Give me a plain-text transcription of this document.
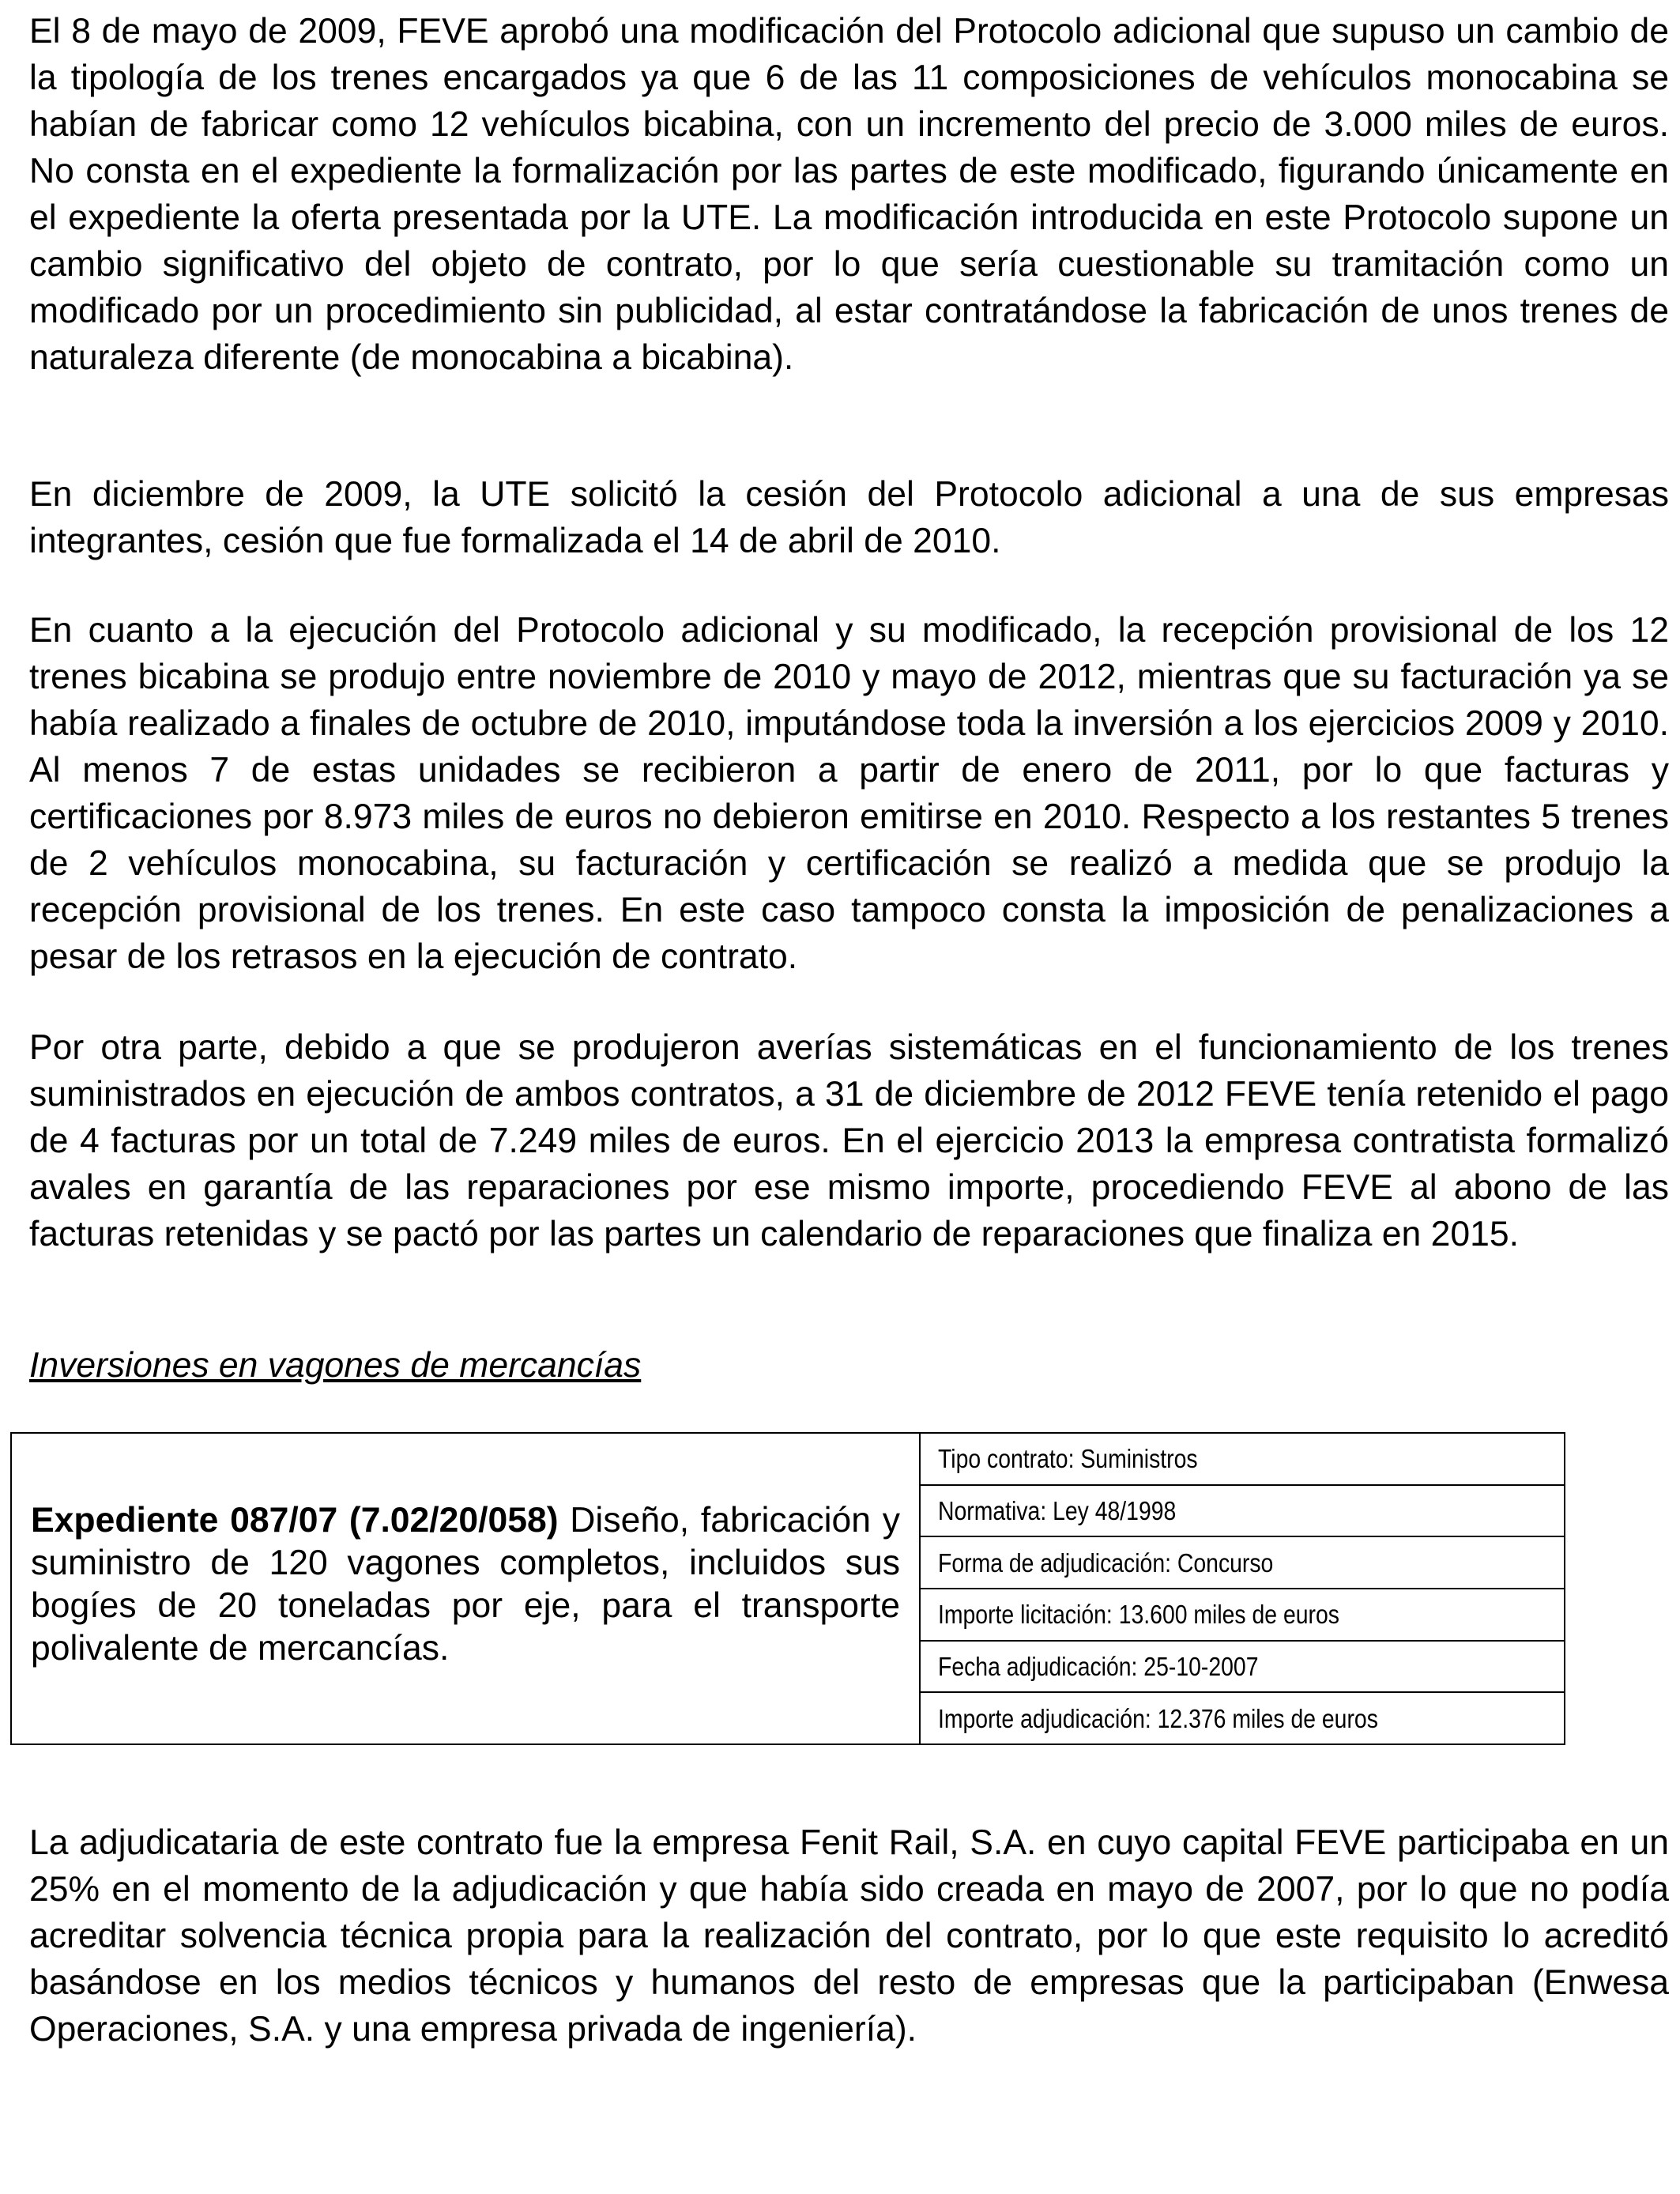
El 8 de mayo de 2009, FEVE aprobó una modificación del Protocolo adicional que supuso un cambio de la tipología de los trenes encargados ya que 6 de las 11 composiciones de vehículos monocabina se habían de fabricar como 12 vehículos bicabina, con un incremento del precio de 3.000 miles de euros. No consta en el expediente la formalización por las partes de este modificado, figurando únicamente en el expediente la oferta presentada por la UTE. La modificación introducida en este Protocolo supone un cambio significativo del objeto de contrato, por lo que sería cuestionable su tramitación como un modificado por un procedimiento sin publicidad, al estar contratándose la fabricación de unos trenes de naturaleza diferente (de monocabina a bicabina).

En diciembre de 2009, la UTE solicitó la cesión del Protocolo adicional a una de sus empresas integrantes, cesión que fue formalizada el 14 de abril de 2010.

En cuanto a la ejecución del Protocolo adicional y su modificado, la recepción provisional de los 12 trenes bicabina se produjo entre noviembre de 2010 y mayo de 2012, mientras que su facturación ya se había realizado a finales de octubre de 2010, imputándose toda la inversión a los ejercicios 2009 y 2010. Al menos 7 de estas unidades se recibieron a partir de enero de 2011, por lo que facturas y certificaciones por 8.973 miles de euros no debieron emitirse en 2010. Respecto a los restantes 5 trenes de 2 vehículos monocabina, su facturación y certificación se realizó a medida que se produjo la recepción provisional de los trenes. En este caso tampoco consta la imposición de penalizaciones a pesar de los retrasos en la ejecución de contrato.

Por otra parte, debido a que se produjeron averías sistemáticas en el funcionamiento de los trenes suministrados en ejecución de ambos contratos, a 31 de diciembre de 2012 FEVE tenía retenido el pago de 4 facturas por un total de 7.249 miles de euros. En el ejercicio 2013 la empresa contratista formalizó avales en garantía de las reparaciones por ese mismo importe, procediendo FEVE al abono de las facturas retenidas y se pactó por las partes un calendario de reparaciones que finaliza en 2015.

Inversiones en vagones de mercancías

Expediente 087/07 (7.02/20/058) Diseño, fabricación y suministro de 120 vagones completos, incluidos sus bogíes de 20 toneladas por eje, para el transporte polivalente de mercancías.

Tipo contrato: Suministros
Normativa: Ley 48/1998
Forma de adjudicación: Concurso
Importe licitación: 13.600 miles de euros
Fecha adjudicación: 25-10-2007
Importe adjudicación: 12.376 miles de euros

La adjudicataria de este contrato fue la empresa Fenit Rail, S.A. en cuyo capital FEVE participaba en un 25% en el momento de la adjudicación y que había sido creada en mayo de 2007, por lo que no podía acreditar solvencia técnica propia para la realización del contrato, por lo que este requisito lo acreditó basándose en los medios técnicos y humanos del resto de empresas que la participaban (Enwesa Operaciones, S.A. y una empresa privada de ingeniería).
